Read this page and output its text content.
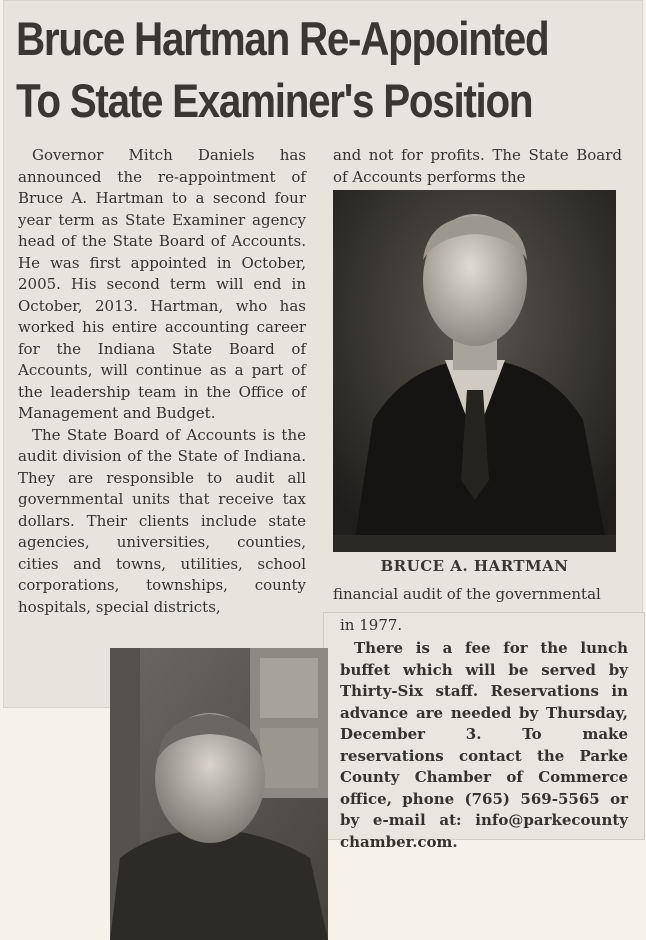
Bruce Hartman Re-Appointed
To State Examiner's Position

Governor Mitch Daniels has announced the re-appointment of Bruce A. Hartman to a second four year term as State Examiner agency head of the State Board of Accounts. He was first appointed in October, 2005. His second term will end in October, 2013. Hartman, who has worked his entire accounting career for the Indiana State Board of Accounts, will continue as a part of the leadership team in the Office of Management and Budget.

The State Board of Accounts is the audit division of the State of Indiana. They are responsible to audit all governmental units that receive tax dollars. Their clients include state agencies, universities, counties, cities and towns, utilities, school corporations, townships, county hospitals, special districts,

and not for profits. The State Board of Accounts performs the

BRUCE A. HARTMAN
financial audit of the governmental
in 1977.

There is a fee for the lunch buffet which will be served by Thirty-Six staff. Reservations in advance are needed by Thursday, December 3. To make reservations contact the Parke County Chamber of Commerce office, phone (765) 569-5565 or by e-mail at: info@parkecounty chamber.com.
